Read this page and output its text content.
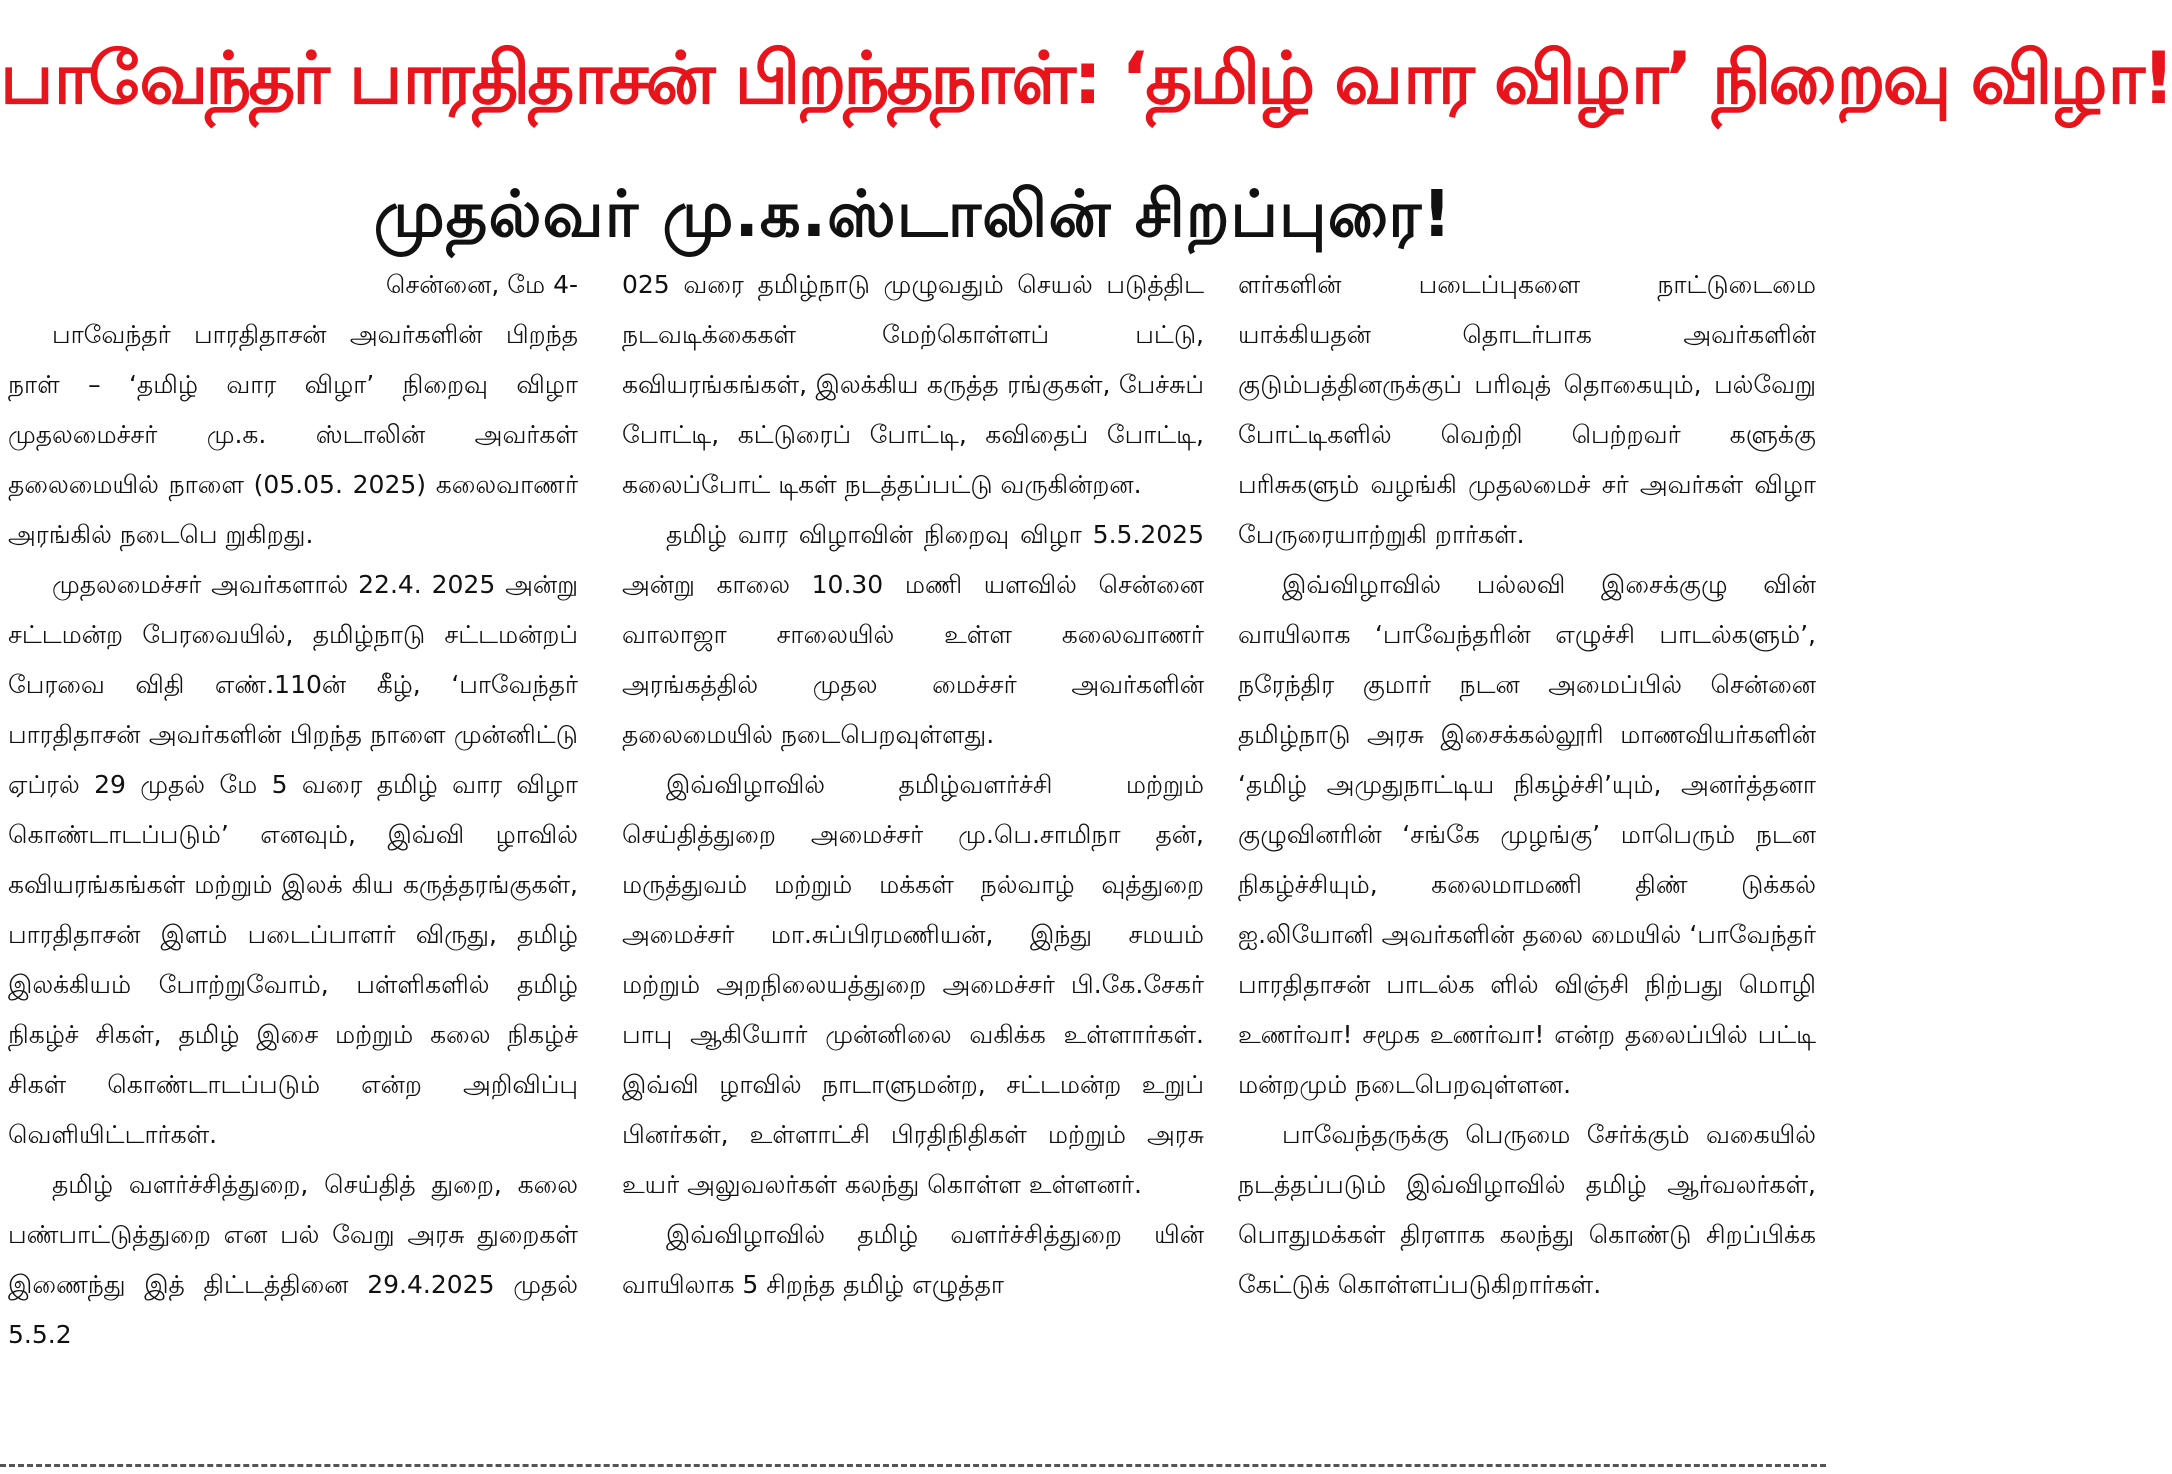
பாவேந்தர் பாரதிதாசன் பிறந்தநாள்: ‘தமிழ் வார விழா’ நிறைவு விழா!
முதல்வர் மு.க.ஸ்டாலின் சிறப்புரை!

சென்னை, மே 4-

பாவேந்தர் பாரதிதாசன் அவர்களின் பிறந்த நாள் – ‘தமிழ் வார விழா’ நிறைவு விழா முதலமைச்சர் மு.க. ஸ்டாலின் அவர்கள் தலைமையில் நாளை (05.05. 2025) கலைவாணர் அரங்கில் நடைபெ றுகிறது.

முதலமைச்சர் அவர்களால் 22.4. 2025 அன்று சட்டமன்ற பேரவையில், தமிழ்நாடு சட்டமன்றப் பேரவை விதி எண்.110ன் கீழ், ‘பாவேந்தர் பாரதிதாசன் அவர்களின் பிறந்த நாளை முன்னிட்டு ஏப்ரல் 29 முதல் மே 5 வரை தமிழ் வார விழா கொண்டாடப்படும்’ எனவும், இவ்வி ழாவில் கவியரங்கங்கள் மற்றும் இலக் கிய கருத்தரங்குகள், பாரதிதாசன் இளம் படைப்பாளர் விருது, தமிழ் இலக்கியம் போற்றுவோம், பள்ளிகளில் தமிழ் நிகழ்ச் சிகள், தமிழ் இசை மற்றும் கலை நிகழ்ச் சிகள் கொண்டாடப்படும் என்ற அறிவிப்பு வெளியிட்டார்கள்.

தமிழ் வளர்ச்சித்துறை, செய்தித் துறை, கலை பண்பாட்டுத்துறை என பல் வேறு அரசு துறைகள் இணைந்து இத் திட்டத்தினை 29.4.2025 முதல் 5.5.2

025 வரை தமிழ்நாடு முழுவதும் செயல் படுத்திட நடவடிக்கைகள் மேற்கொள்ளப் பட்டு, கவியரங்கங்கள், இலக்கிய கருத்த ரங்குகள், பேச்சுப் போட்டி, கட்டுரைப் போட்டி, கவிதைப் போட்டி, கலைப்போட் டிகள் நடத்தப்பட்டு வருகின்றன.

தமிழ் வார விழாவின் நிறைவு விழா 5.5.2025 அன்று காலை 10.30 மணி யளவில் சென்னை வாலாஜா சாலையில் உள்ள கலைவாணர் அரங்கத்தில் முதல மைச்சர் அவர்களின் தலைமையில் நடைபெறவுள்ளது.

இவ்விழாவில் தமிழ்வளர்ச்சி மற்றும் செய்தித்துறை அமைச்சர் மு.பெ.சாமிநா தன், மருத்துவம் மற்றும் மக்கள் நல்வாழ் வுத்துறை அமைச்சர் மா.சுப்பிரமணியன், இந்து சமயம் மற்றும் அறநிலையத்துறை அமைச்சர் பி.கே.சேகர் பாபு ஆகியோர் முன்னிலை வகிக்க உள்ளார்கள். இவ்வி ழாவில் நாடாளுமன்ற, சட்டமன்ற உறுப் பினர்கள், உள்ளாட்சி பிரதிநிதிகள் மற்றும் அரசு உயர் அலுவலர்கள் கலந்து கொள்ள உள்ளனர்.

இவ்விழாவில் தமிழ் வளர்ச்சித்துறை யின் வாயிலாக 5 சிறந்த தமிழ் எழுத்தா

ளர்களின் படைப்புகளை நாட்டுடைமை யாக்கியதன் தொடர்பாக அவர்களின் குடும்பத்தினருக்குப் பரிவுத் தொகையும், பல்வேறு போட்டிகளில் வெற்றி பெற்றவர் களுக்கு பரிசுகளும் வழங்கி முதலமைச் சர் அவர்கள் விழா பேருரையாற்றுகி றார்கள்.

இவ்விழாவில் பல்லவி இசைக்குழு வின் வாயிலாக ‘பாவேந்தரின் எழுச்சி பாடல்களும்’, நரேந்திர குமார் நடன அமைப்பில் சென்னை தமிழ்நாடு அரசு இசைக்கல்லூரி மாணவியர்களின் ‘தமிழ் அமுதுநாட்டிய நிகழ்ச்சி’யும், அனர்த்தனா குழுவினரின் ‘சங்கே முழங்கு’ மாபெரும் நடன நிகழ்ச்சியும், கலைமாமணி திண் டுக்கல் ஐ.லியோனி அவர்களின் தலை மையில் ‘பாவேந்தர் பாரதிதாசன் பாடல்க ளில் விஞ்சி நிற்பது மொழி உணர்வா! சமூக உணர்வா! என்ற தலைப்பில் பட்டி மன்றமும் நடைபெறவுள்ளன.

பாவேந்தருக்கு பெருமை சேர்க்கும் வகையில் நடத்தப்படும் இவ்விழாவில் தமிழ் ஆர்வலர்கள், பொதுமக்கள் திரளாக கலந்து கொண்டு சிறப்பிக்க கேட்டுக் கொள்ளப்படுகிறார்கள்.
